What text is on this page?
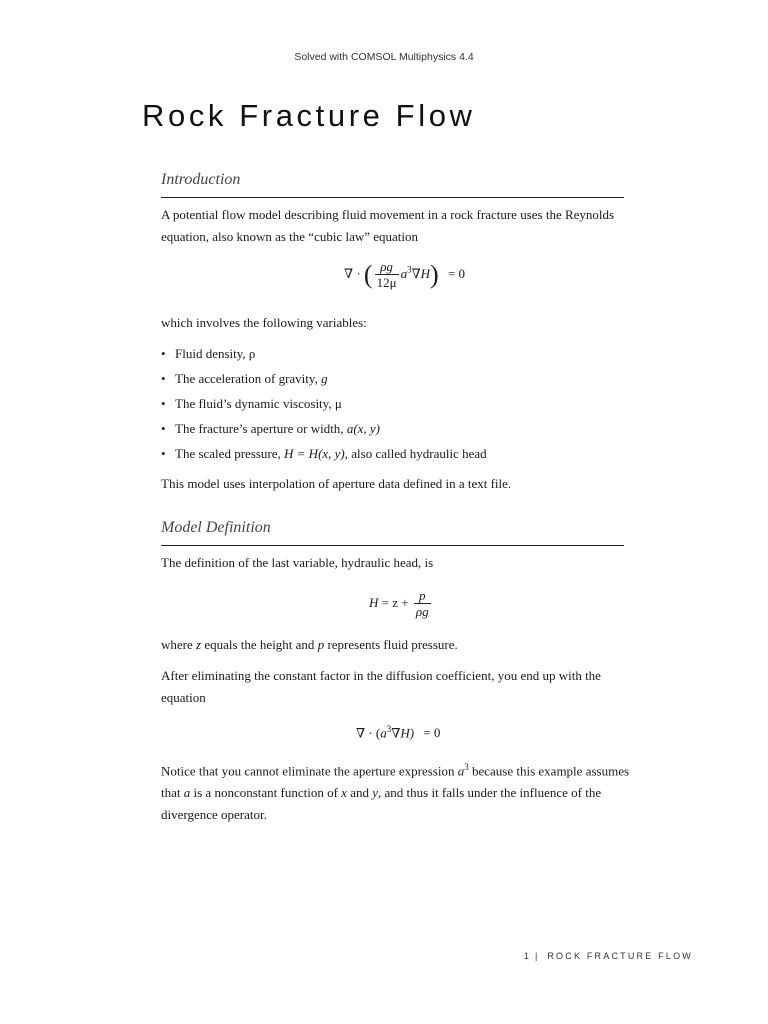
Solved with COMSOL Multiphysics 4.4
Rock Fracture Flow
Introduction

A potential flow model describing fluid movement in a rock fracture uses the Reynolds equation, also known as the “cubic law” equation

∇ · ( $\frac{\rho g}{12\mu} a^3\nabla H) = 0$

which involves the following variables:

• Fluid density, ρ
• The acceleration of gravity, g
• The fluid’s dynamic viscosity, μ
• The fracture’s aperture or width, a(x, y)
• The scaled pressure, H = H(x, y), also called hydraulic head

This model uses interpolation of aperture data defined in a text file.

Model Definition

The definition of the last variable, hydraulic head, is

$H = z + \frac{p}{\rho g}$

where z equals the height and p represents fluid pressure.

After eliminating the constant factor in the diffusion coefficient, you end up with the equation

∇ · $(a^3\nabla H) = 0$

Notice that you cannot eliminate the aperture expression $a^3$ because this example assumes that a is a nonconstant function of x and y, and thus it falls under the influence of the divergence operator.

1 | ROCK FRACTURE FLOW
